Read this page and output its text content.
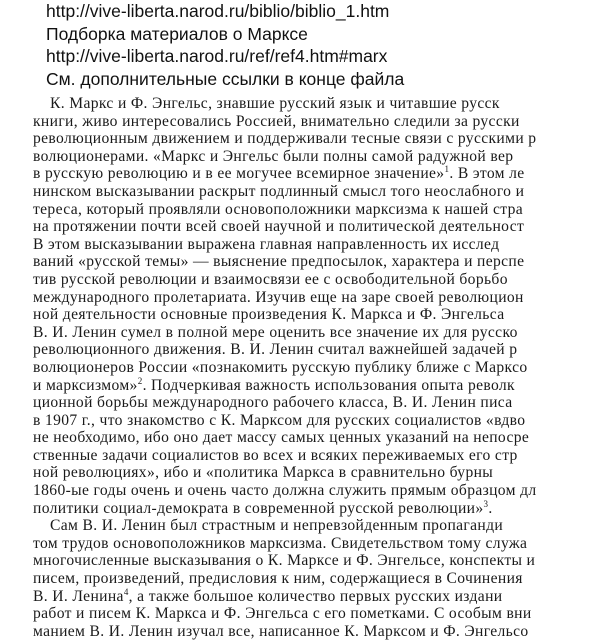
http://vive-liberta.narod.ru/biblio/biblio_1.htm
Подборка материалов о Марксе
http://vive-liberta.narod.ru/ref/ref4.htm#marx
См. дополнительные ссылки в конце файла
К. Маркс и Ф. Энгельс, знавшие русский язык и читавшие русск
книги, живо интересовались Россией, внимательно следили за русски
революционным движением и поддерживали тесные связи с русскими р
волюционерами. «Маркс и Энгельс были полны самой радужной вер
в русскую революцию и в ее могучее всемирное значение»$^1$. В этом ле
нинском высказывании раскрыт подлинный смысл того неослабного и
тереса, который проявляли основоположники марксизма к нашей стра
на протяжении почти всей своей научной и политической деятельност
В этом высказывании выражена главная направленность их исслед
ваний «русской темы» — выяснение предпосылок, характера и перспе
тив русской революции и взаимосвязи ее с освободительной борьбо
международного пролетариата. Изучив еще на заре своей революцион
ной деятельности основные произведения К. Маркса и Ф. Энгельса
В. И. Ленин сумел в полной мере оценить все значение их для русско
революционного движения. В. И. Ленин считал важнейшей задачей р
волюционеров России «познакомить русскую публику ближе с Марксо
и марксизмом»$^2$. Подчеркивая важность использования опыта револк
ционной борьбы международного рабочего класса, В. И. Ленин писа
в 1907 г., что знакомство с К. Марксом для русских социалистов «вдво
не необходимо, ибо оно дает массу самых ценных указаний на непосре
ственные задачи социалистов во всех и всяких переживаемых его стр
ной революциях», ибо и «политика Маркса в сравнительно бурны
1860-ые годы очень и очень часто должна служить прямым образцом дл
политики социал-демократа в современной русской революции»$^3$.
Сам В. И. Ленин был страстным и непревзойденным пропаганди
том трудов основоположников марксизма. Свидетельством тому служа
многочисленные высказывания о К. Марксе и Ф. Энгельсе, конспекты и
писем, произведений, предисловия к ним, содержащиеся в Сочинения
В. И. Ленина$^4$, а также большое количество первых русских издани
работ и писем К. Маркса и Ф. Энгельса с его пометками. С особым вни
манием В. И. Ленин изучал все, написанное К. Марксом и Ф. Энгельсо
